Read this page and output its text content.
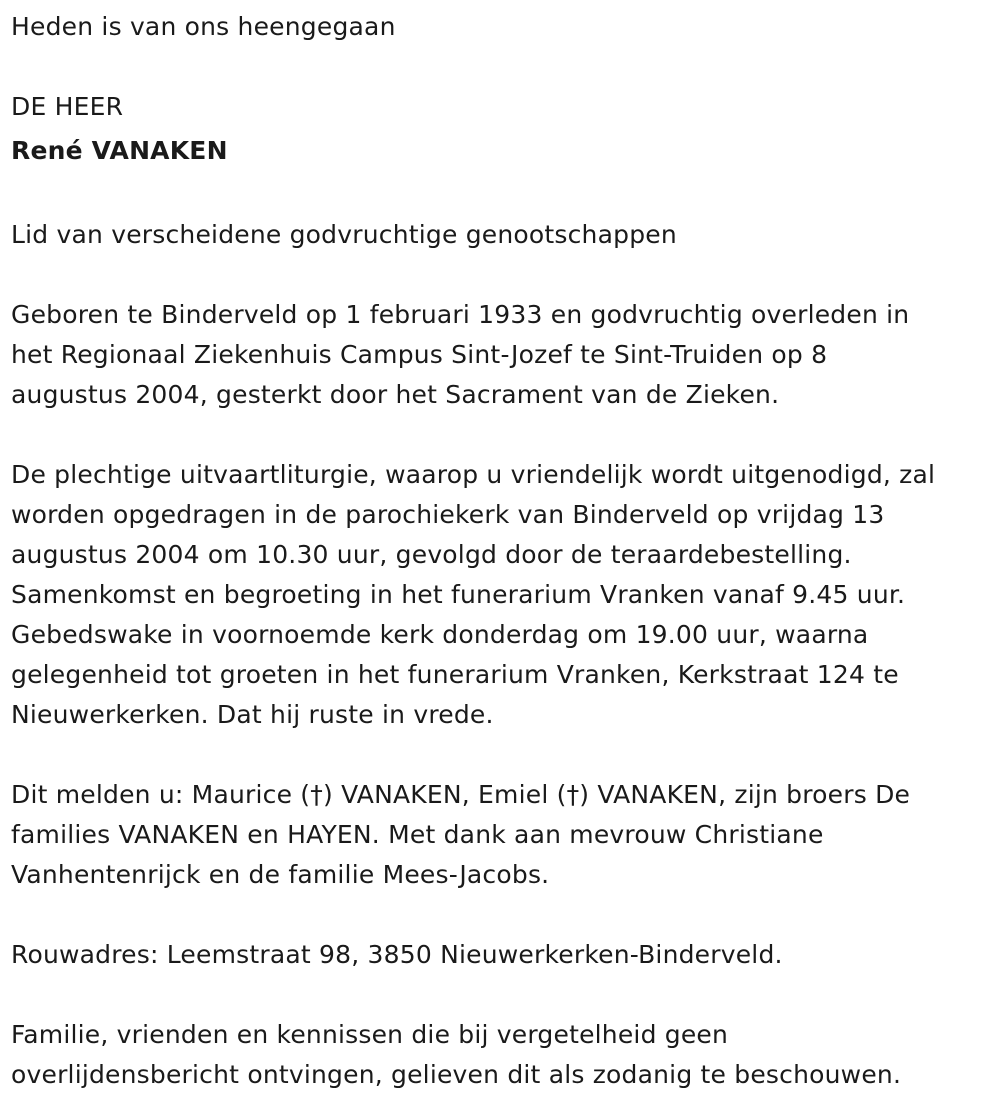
Heden is van ons heengegaan
DE HEER
René VANAKEN
Lid van verscheidene godvruchtige genootschappen
Geboren te Binderveld op 1 februari 1933 en godvruchtig overleden in
het Regionaal Ziekenhuis Campus Sint-Jozef te Sint-Truiden op 8
augustus 2004, gesterkt door het Sacrament van de Zieken.
De plechtige uitvaartliturgie, waarop u vriendelijk wordt uitgenodigd, zal
worden opgedragen in de parochiekerk van Binderveld op vrijdag 13
augustus 2004 om 10.30 uur, gevolgd door de teraardebestelling.
Samenkomst en begroeting in het funerarium Vranken vanaf 9.45 uur.
Gebedswake in voornoemde kerk donderdag om 19.00 uur, waarna
gelegenheid tot groeten in het funerarium Vranken, Kerkstraat 124 te
Nieuwerkerken. Dat hij ruste in vrede.
Dit melden u: Maurice (†) VANAKEN, Emiel (†) VANAKEN, zijn broers De
families VANAKEN en HAYEN. Met dank aan mevrouw Christiane
Vanhentenrijck en de familie Mees-Jacobs.
Rouwadres: Leemstraat 98, 3850 Nieuwerkerken-Binderveld.
Familie, vrienden en kennissen die bij vergetelheid geen
overlijdensbericht ontvingen, gelieven dit als zodanig te beschouwen.
